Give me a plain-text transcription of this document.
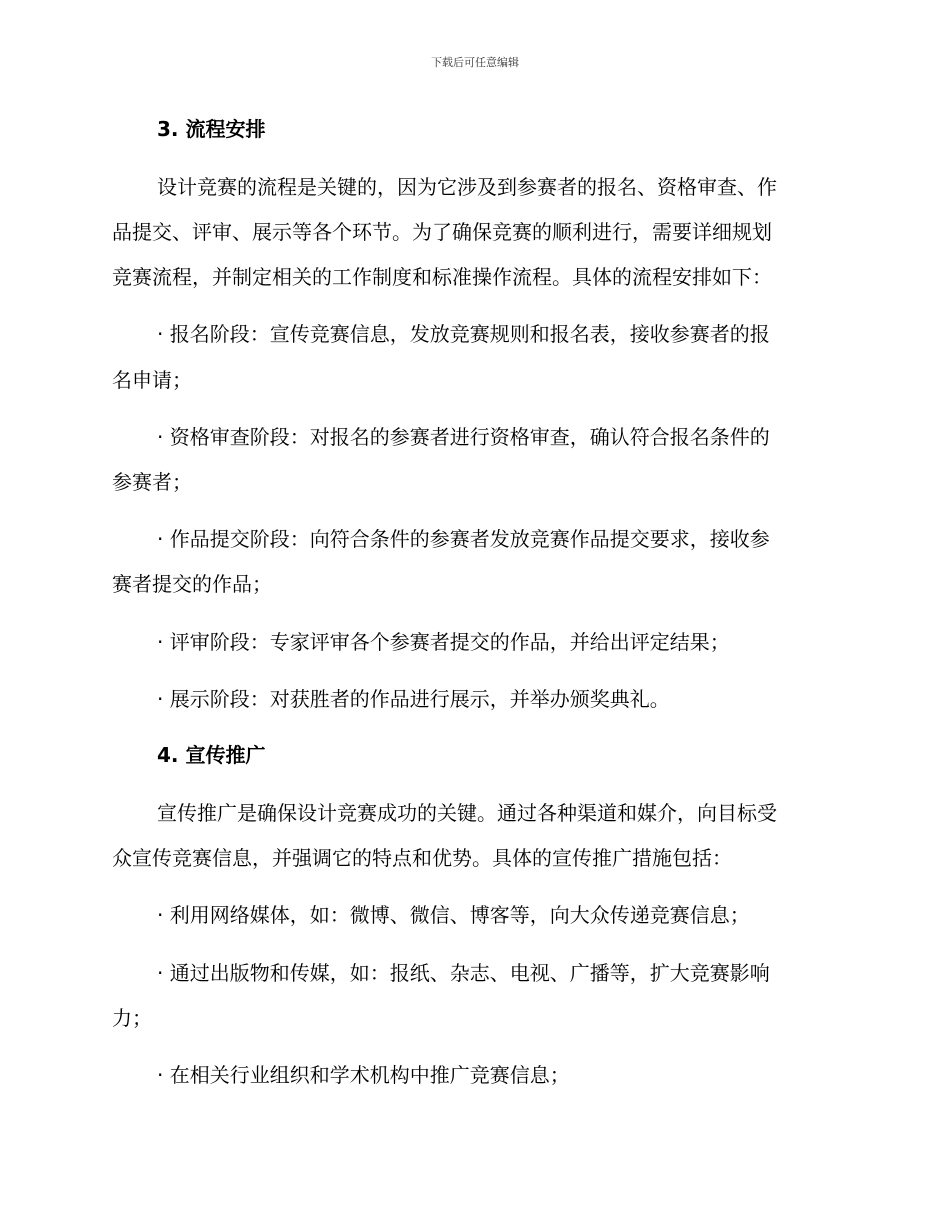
下载后可任意编辑
3. 流程安排
设计竞赛的流程是关键的，因为它涉及到参赛者的报名、资格审查、作
品提交、评审、展示等各个环节。为了确保竞赛的顺利进行，需要详细规划
竞赛流程，并制定相关的工作制度和标准操作流程。具体的流程安排如下：
· 报名阶段：宣传竞赛信息，发放竞赛规则和报名表，接收参赛者的报
名申请；
· 资格审查阶段：对报名的参赛者进行资格审查，确认符合报名条件的
参赛者；
· 作品提交阶段：向符合条件的参赛者发放竞赛作品提交要求，接收参
赛者提交的作品；
· 评审阶段：专家评审各个参赛者提交的作品，并给出评定结果；
· 展示阶段：对获胜者的作品进行展示，并举办颁奖典礼。
4. 宣传推广
宣传推广是确保设计竞赛成功的关键。通过各种渠道和媒介，向目标受
众宣传竞赛信息，并强调它的特点和优势。具体的宣传推广措施包括：
· 利用网络媒体，如：微博、微信、博客等，向大众传递竞赛信息；
· 通过出版物和传媒，如：报纸、杂志、电视、广播等，扩大竞赛影响
力；
· 在相关行业组织和学术机构中推广竞赛信息；
